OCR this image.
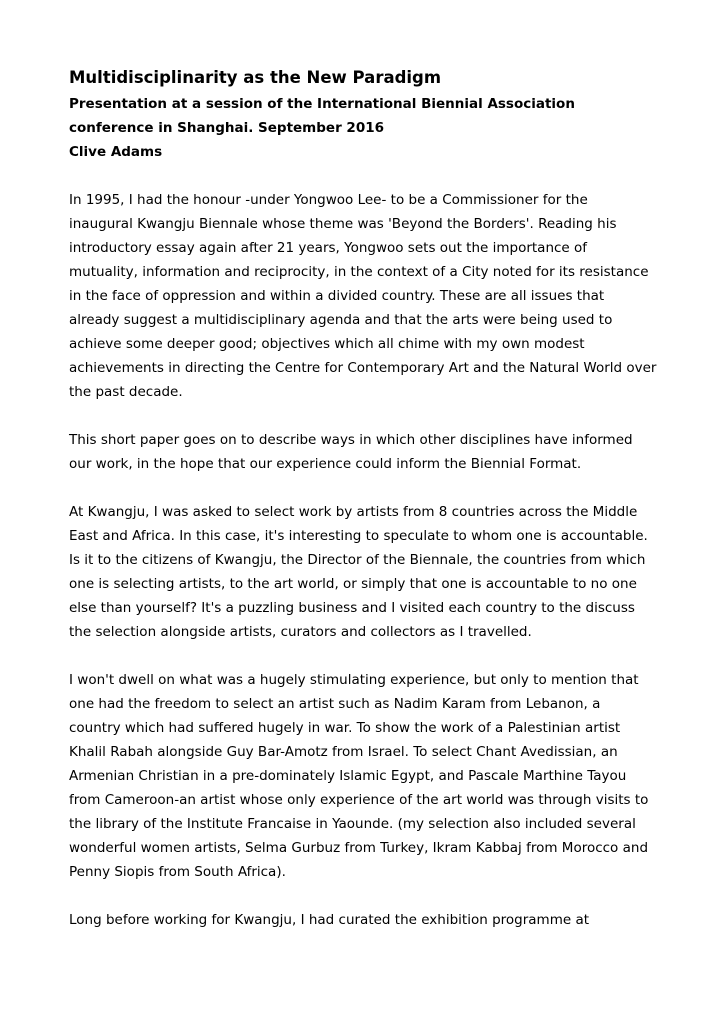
Multidisciplinarity as the New Paradigm
Presentation at a session of the International Biennial Association
conference in Shanghai. September 2016
Clive Adams
In 1995, I had the honour -under Yongwoo Lee- to be a Commissioner for the
inaugural Kwangju Biennale whose theme was 'Beyond the Borders'. Reading his
introductory essay again after 21 years, Yongwoo sets out the importance of
mutuality, information and reciprocity, in the context of a City noted for its resistance
in the face of oppression and within a divided country. These are all issues that
already suggest a multidisciplinary agenda and that the arts were being used to
achieve some deeper good; objectives which all chime with my own modest
achievements in directing the Centre for Contemporary Art and the Natural World over
the past decade.
This short paper goes on to describe ways in which other disciplines have informed
our work, in the hope that our experience could inform the Biennial Format.
At Kwangju, I was asked to select work by artists from 8 countries across the Middle
East and Africa. In this case, it's interesting to speculate to whom one is accountable.
Is it to the citizens of Kwangju, the Director of the Biennale, the countries from which
one is selecting artists, to the art world, or simply that one is accountable to no one
else than yourself? It's a puzzling business and I visited each country to the discuss
the selection alongside artists, curators and collectors as I travelled.
I won't dwell on what was a hugely stimulating experience, but only to mention that
one had the freedom to select an artist such as Nadim Karam from Lebanon, a
country which had suffered hugely in war. To show the work of a Palestinian artist
Khalil Rabah alongside Guy Bar-Amotz from Israel. To select Chant Avedissian, an
Armenian Christian in a pre-dominately Islamic Egypt, and Pascale Marthine Tayou
from Cameroon-an artist whose only experience of the art world was through visits to
the library of the Institute Francaise in Yaounde. (my selection also included several
wonderful women artists, Selma Gurbuz from Turkey, Ikram Kabbaj from Morocco and
Penny Siopis from South Africa).
Long before working for Kwangju, I had curated the exhibition programme at
